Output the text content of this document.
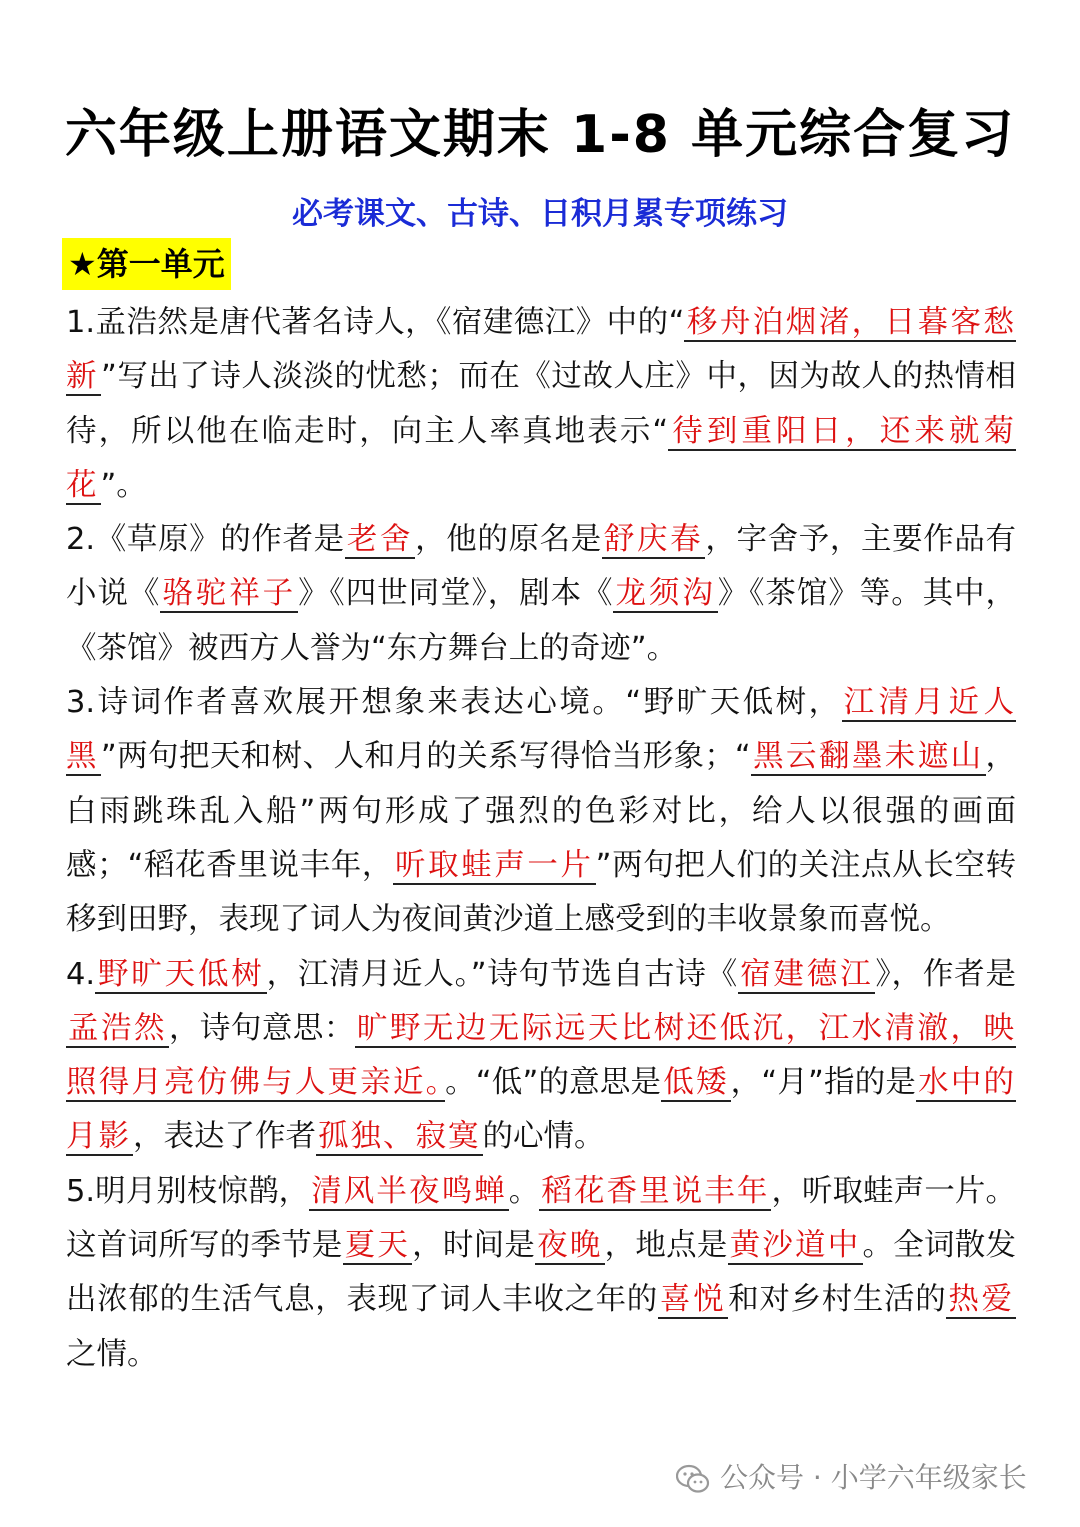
六年级上册语文期末 1-8 单元综合复习
必考课文、古诗、日积月累专项练习
★第一单元

1.孟浩然是唐代著名诗人，《宿建德江》中的“移舟泊烟渚，日暮客愁新”写出了诗人淡淡的忧愁；而在《过故人庄》中，因为故人的热情相待，所以他在临走时，向主人率真地表示“待到重阳日，还来就菊花”。

2.《草原》的作者是老舍，他的原名是舒庆春，字舍予，主要作品有小说《骆驼祥子》《四世同堂》，剧本《龙须沟》《茶馆》等。其中，《茶馆》被西方人誉为“东方舞台上的奇迹”。

3.诗词作者喜欢展开想象来表达心境。“野旷天低树，江清月近人黑”两句把天和树、人和月的关系写得恰当形象；“黑云翻墨未遮山，白雨跳珠乱入船”两句形成了强烈的色彩对比，给人以很强的画面感；“稻花香里说丰年，听取蛙声一片”两句把人们的关注点从长空转移到田野，表现了词人为夜间黄沙道上感受到的丰收景象而喜悦。

4.野旷天低树，江清月近人。”诗句节选自古诗《宿建德江》，作者是孟浩然，诗句意思：旷野无边无际远天比树还低沉，江水清澈，映照得月亮仿佛与人更亲近。。“低”的意思是低矮，“月”指的是水中的月影，表达了作者孤独、寂寞的心情。

5.明月别枝惊鹊，清风半夜鸣蝉。稻花香里说丰年，听取蛙声一片。这首词所写的季节是夏天，时间是夜晚，地点是黄沙道中。全词散发出浓郁的生活气息，表现了词人丰收之年的喜悦和对乡村生活的热爱之情。

公众号 · 小学六年级家长
